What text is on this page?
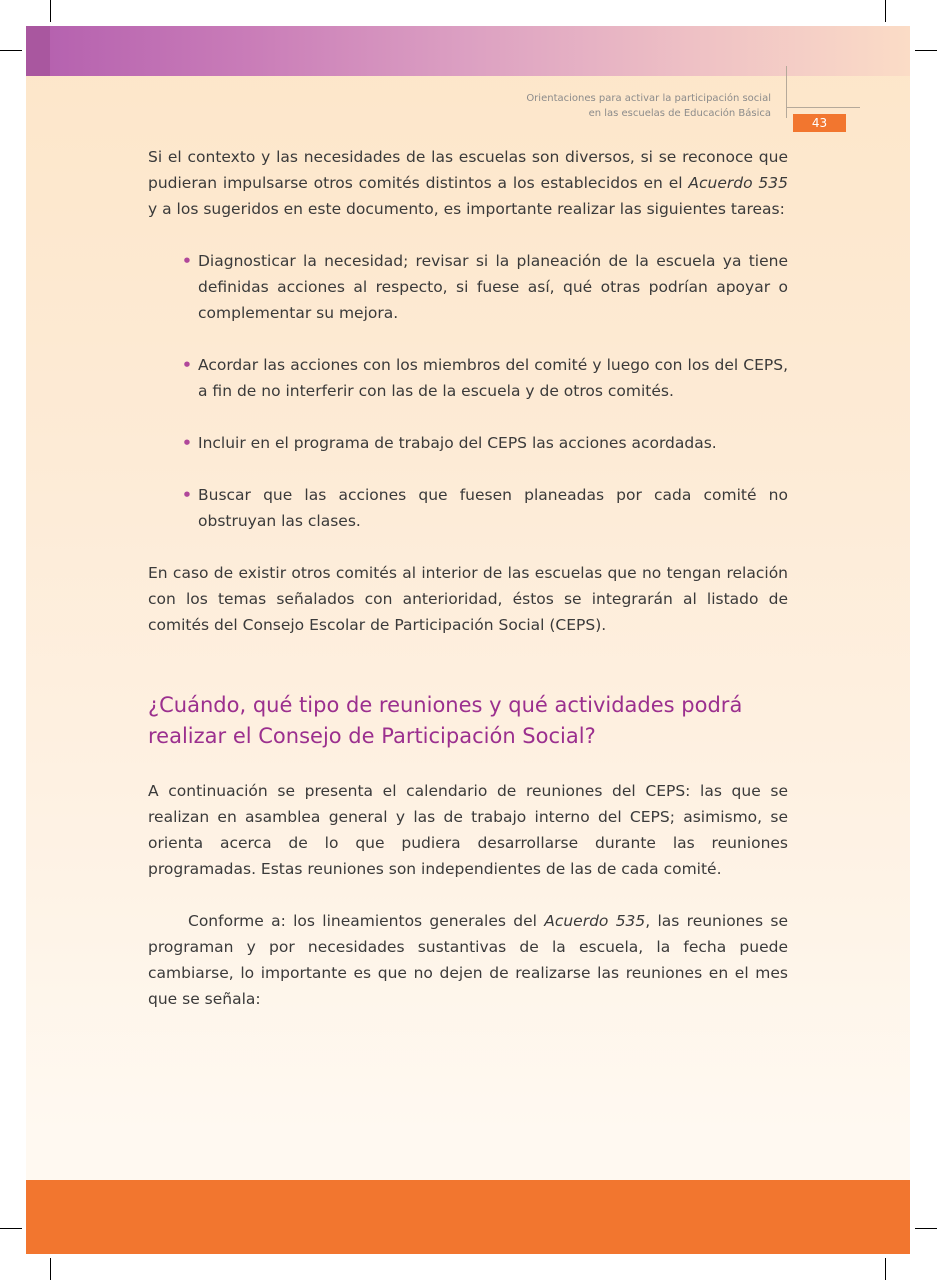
Orientaciones para activar la participación social
en las escuelas de Educación Básica
43

Si el contexto y las necesidades de las escuelas son diversos, si se reconoce que pudieran impulsarse otros comités distintos a los establecidos en el Acuerdo 535 y a los sugeridos en este documento, es importante realizar las siguientes tareas:

• Diagnosticar la necesidad; revisar si la planeación de la escuela ya tiene definidas acciones al respecto, si fuese así, qué otras podrían apoyar o complementar su mejora.
• Acordar las acciones con los miembros del comité y luego con los del CEPS, a fin de no interferir con las de la escuela y de otros comités.
• Incluir en el programa de trabajo del CEPS las acciones acordadas.
• Buscar que las acciones que fuesen planeadas por cada comité no obstruyan las clases.

En caso de existir otros comités al interior de las escuelas que no tengan relación con los temas señalados con anterioridad, éstos se integrarán al listado de comités del Consejo Escolar de Participación Social (CEPS).

¿Cuándo, qué tipo de reuniones y qué actividades podrá realizar el Consejo de Participación Social?

A continuación se presenta el calendario de reuniones del CEPS: las que se realizan en asamblea general y las de trabajo interno del CEPS; asimismo, se orienta acerca de lo que pudiera desarrollarse durante las reuniones programadas. Estas reuniones son independientes de las de cada comité.

Conforme a: los lineamientos generales del Acuerdo 535, las reuniones se programan y por necesidades sustantivas de la escuela, la fecha puede cambiarse, lo importante es que no dejen de realizarse las reuniones en el mes que se señala:
